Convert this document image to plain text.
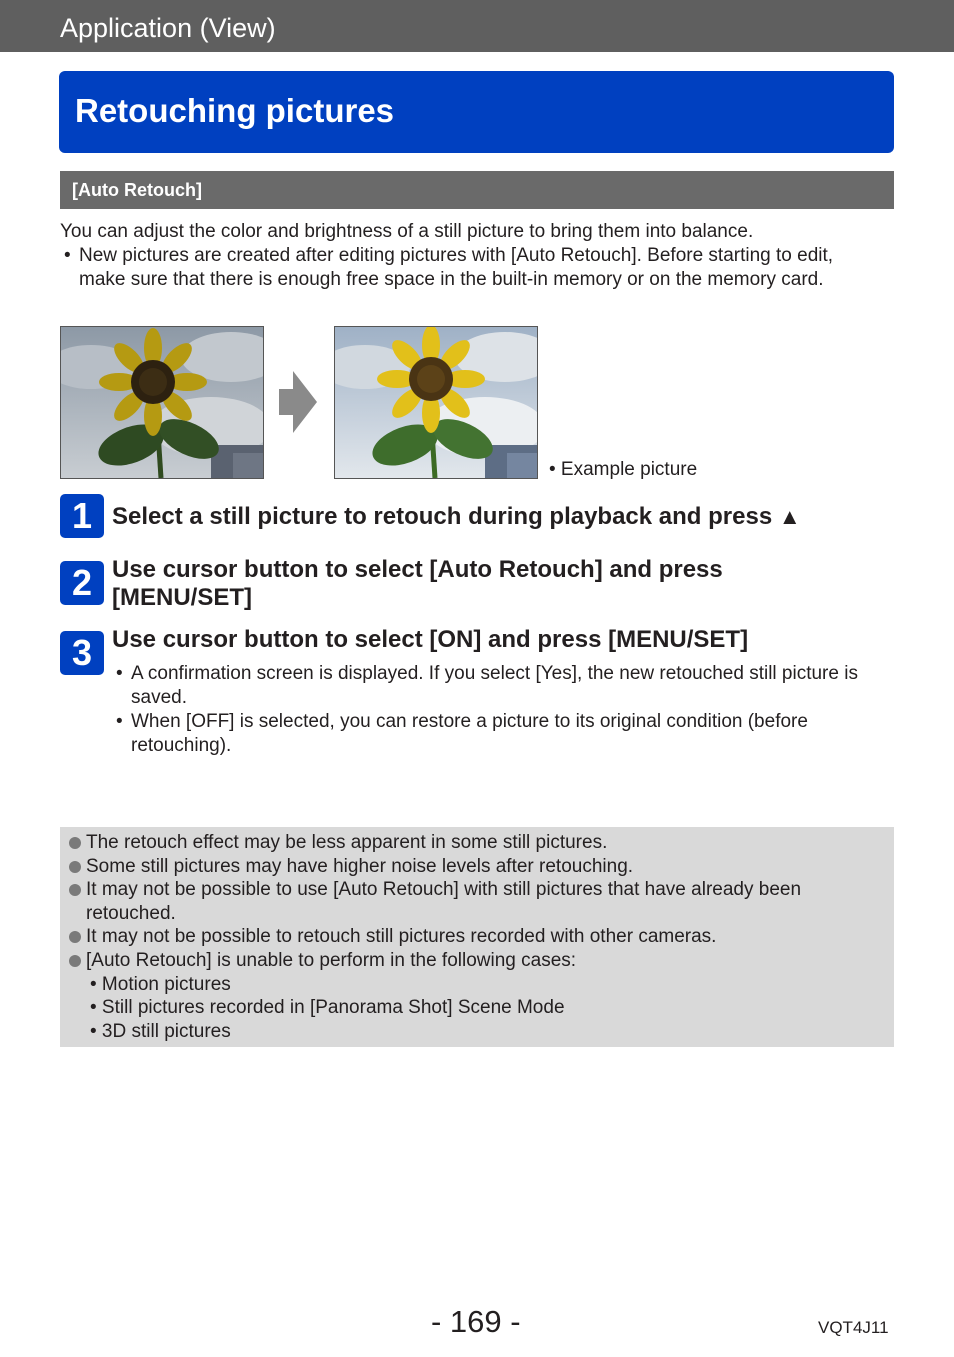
Application (View)
Retouching pictures
[Auto Retouch]

You can adjust the color and brightness of a still picture to bring them into balance.

• New pictures are created after editing pictures with [Auto Retouch]. Before starting to edit, make sure that there is enough free space in the built-in memory or on the memory card.

• Example picture
1 Select a still picture to retouch during playback and press ▲
2 Use cursor button to select [Auto Retouch] and press [MENU/SET]
3 Use cursor button to select [ON] and press [MENU/SET]
• A confirmation screen is displayed. If you select [Yes], the new retouched still picture is saved.
• When [OFF] is selected, you can restore a picture to its original condition (before retouching).
The retouch effect may be less apparent in some still pictures.
Some still pictures may have higher noise levels after retouching.
It may not be possible to use [Auto Retouch] with still pictures that have already been retouched.
It may not be possible to retouch still pictures recorded with other cameras.
[Auto Retouch] is unable to perform in the following cases:
• Motion pictures
• Still pictures recorded in [Panorama Shot] Scene Mode
• 3D still pictures
- 169 -	VQT4J11
